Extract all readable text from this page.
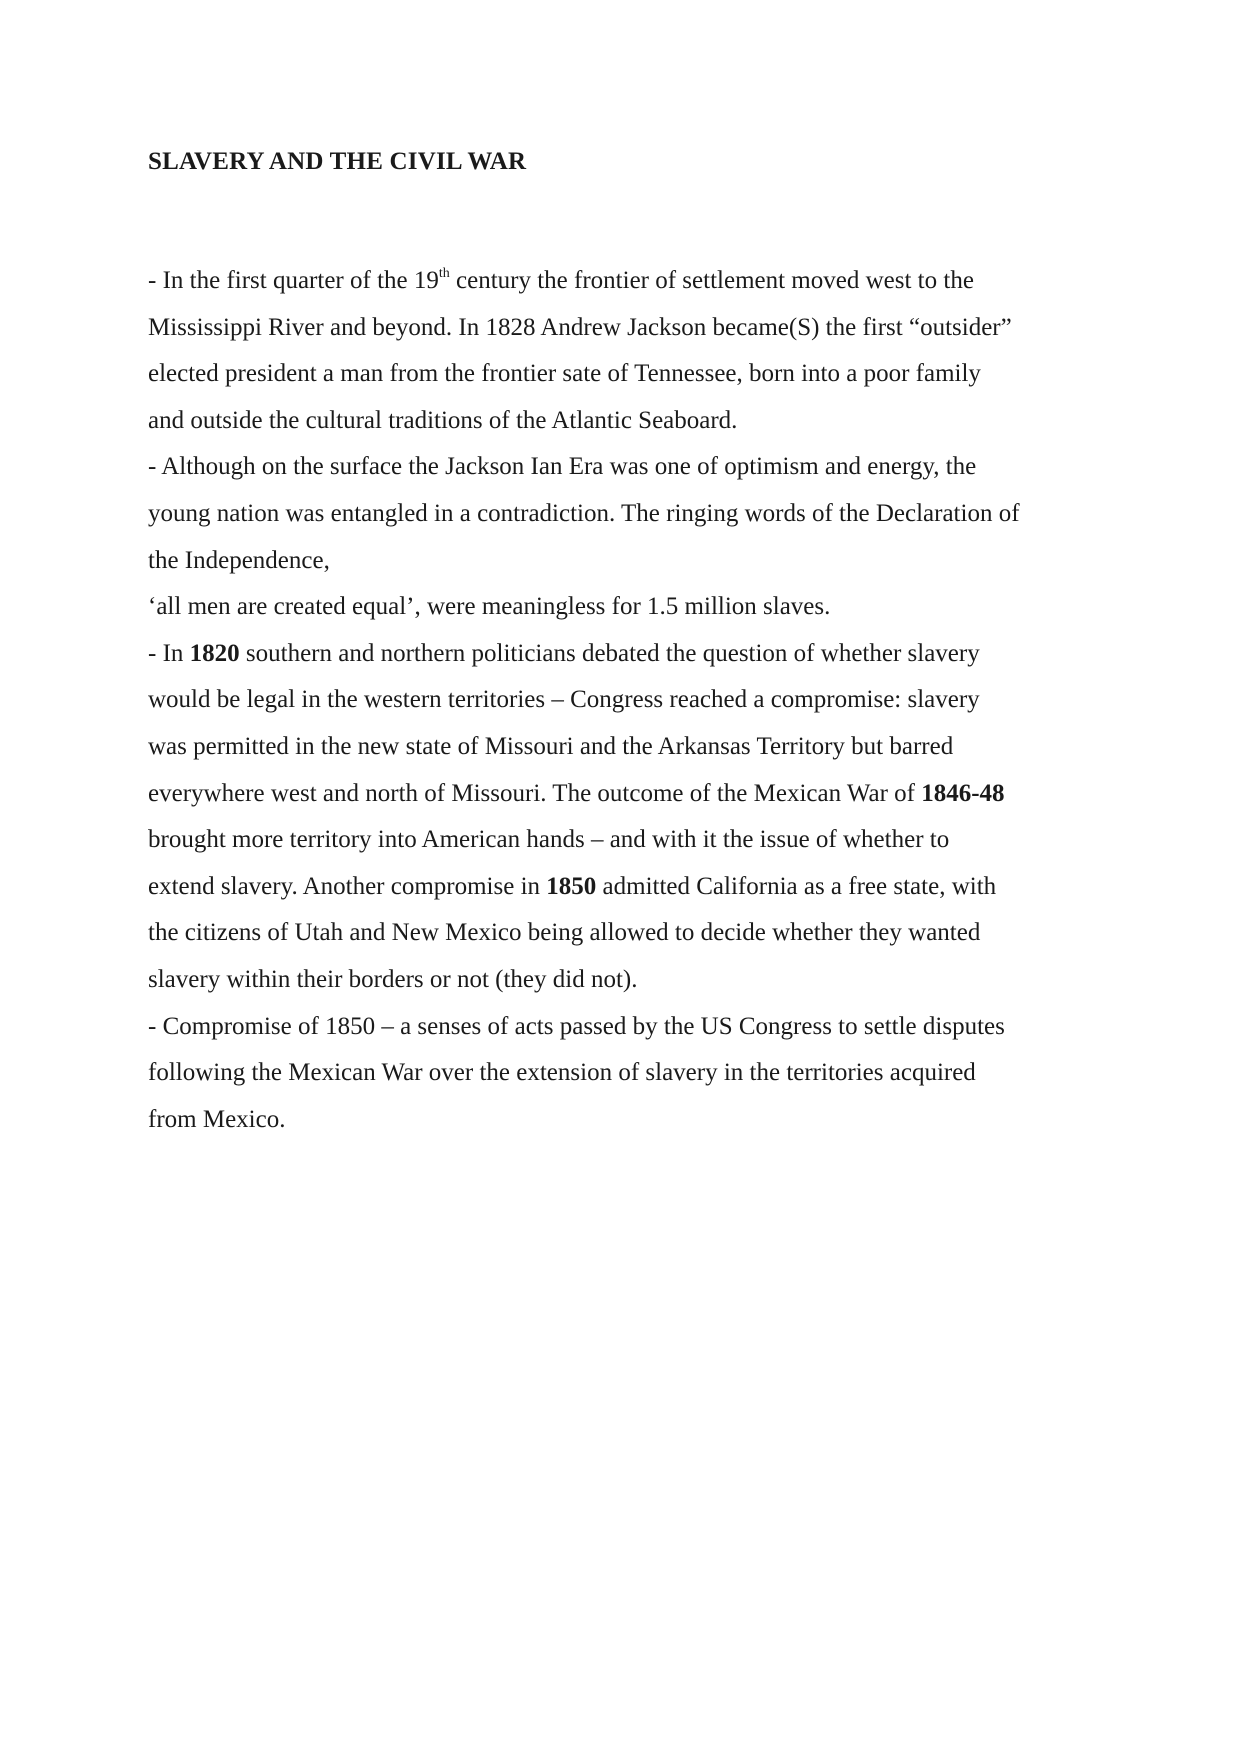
SLAVERY AND THE CIVIL WAR
- In the first quarter of the 19th century the frontier of settlement moved west to the
Mississippi River and beyond. In 1828 Andrew Jackson became(S) the first “outsider”
elected president a man from the frontier sate of Tennessee, born into a poor family
and outside the cultural traditions of the Atlantic Seaboard.
- Although on the surface the Jackson Ian Era was one of optimism and energy, the
young nation was entangled in a contradiction. The ringing words of the Declaration of
the Independence,
‘all men are created equal’, were meaningless for 1.5 million slaves.
- In 1820 southern and northern politicians debated the question of whether slavery
would be legal in the western territories – Congress reached a compromise: slavery
was permitted in the new state of Missouri and the Arkansas Territory but barred
everywhere west and north of Missouri. The outcome of the Mexican War of 1846-48
brought more territory into American hands – and with it the issue of whether to
extend slavery. Another compromise in 1850 admitted California as a free state, with
the citizens of Utah and New Mexico being allowed to decide whether they wanted
slavery within their borders or not (they did not).
- Compromise of 1850 – a senses of acts passed by the US Congress to settle disputes
following the Mexican War over the extension of slavery in the territories acquired
from Mexico.
